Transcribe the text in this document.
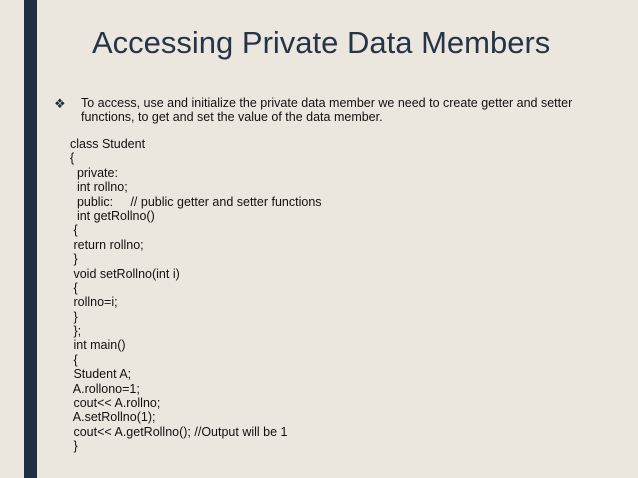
Accessing Private Data Members
❖ To access, use and initialize the private data member we need to create getter and setter functions, to get and set the value of the data member.
class Student
{
private:
int rollno;
public:     // public getter and setter functions
int getRollno()
{
return rollno;
}
void setRollno(int i)
{
rollno=i;
}
};
int main()
{
Student A;
A.rollono=1;
cout<< A.rollno;
A.setRollno(1);
cout<< A.getRollno(); //Output will be 1
}
